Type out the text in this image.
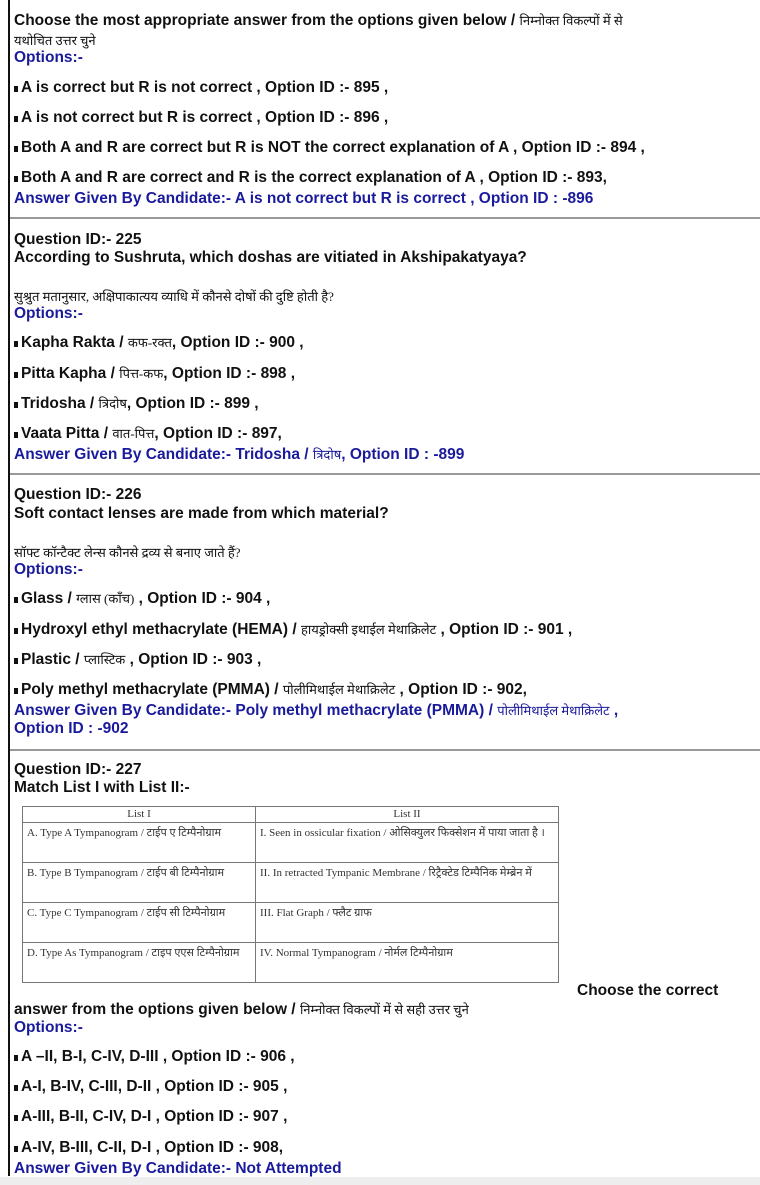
Choose the most appropriate answer from the options given below / निम्नोक्त विकल्पों में से
यथोचित उत्तर चुने
Options:-
A is correct but R is not correct , Option ID :- 895 ,
A is not correct but R is correct , Option ID :- 896 ,
Both A and R are correct but R is NOT the correct explanation of A , Option ID :- 894 ,
Both A and R are correct and R is the correct explanation of A , Option ID :- 893,
Answer Given By Candidate:- A is not correct but R is correct , Option ID : -896
Question ID:- 225
According to Sushruta, which doshas are vitiated in Akshipakatyaya?
सुश्रुत मतानुसार, अक्षिपाकात्यय व्याधि में कौनसे दोषों की दुष्टि होती है?
Options:-
Kapha Rakta / कफ-रक्त, Option ID :- 900 ,
Pitta Kapha / पित्त-कफ, Option ID :- 898 ,
Tridosha / त्रिदोष, Option ID :- 899 ,
Vaata Pitta / वात-पित्त, Option ID :- 897,
Answer Given By Candidate:- Tridosha / त्रिदोष, Option ID : -899
Question ID:- 226
Soft contact lenses are made from which material?
सॉफ्ट कॉन्टैक्ट लेन्स कौनसे द्रव्य से बनाए जाते हैं?
Options:-
Glass / ग्लास (काँच) , Option ID :- 904 ,
Hydroxyl ethyl methacrylate (HEMA) / हायड्रोक्सी इथाईल मेथाक्रिलेट , Option ID :- 901 ,
Plastic / प्लास्टिक , Option ID :- 903 ,
Poly methyl methacrylate (PMMA) / पोलीमिथाईल मेथाक्रिलेट , Option ID :- 902,
Answer Given By Candidate:- Poly methyl methacrylate (PMMA) / पोलीमिथाईल मेथाक्रिलेट ,
Option ID : -902
Question ID:- 227
Match List I with List II:-
List I	List II
A. Type A Tympanogram / टाईप ए टिम्पैनोग्राम	I. Seen in ossicular fixation / ओसिक्युलर फिक्सेशन में पाया जाता है ।
B. Type B Tympanogram / टाईप बी टिम्पैनोग्राम	II. In retracted Tympanic Membrane / रिट्रैक्टेड टिम्पैनिक मेम्ब्रेन में
C. Type C Tympanogram / टाईप सी टिम्पैनोग्राम	III. Flat Graph / फ्लैट ग्राफ
D. Type As Tympanogram / टाइप एएस टिम्पैनोग्राम	IV. Normal Tympanogram / नोर्मल टिम्पैनोग्राम
Choose the correct
answer from the options given below / निम्नोक्त विकल्पों में से सही उत्तर चुने
Options:-
A –II, B-I, C-IV, D-III , Option ID :- 906 ,
A-I, B-IV, C-III, D-II , Option ID :- 905 ,
A-III, B-II, C-IV, D-I , Option ID :- 907 ,
A-IV, B-III, C-II, D-I , Option ID :- 908,
Answer Given By Candidate:- Not Attempted
